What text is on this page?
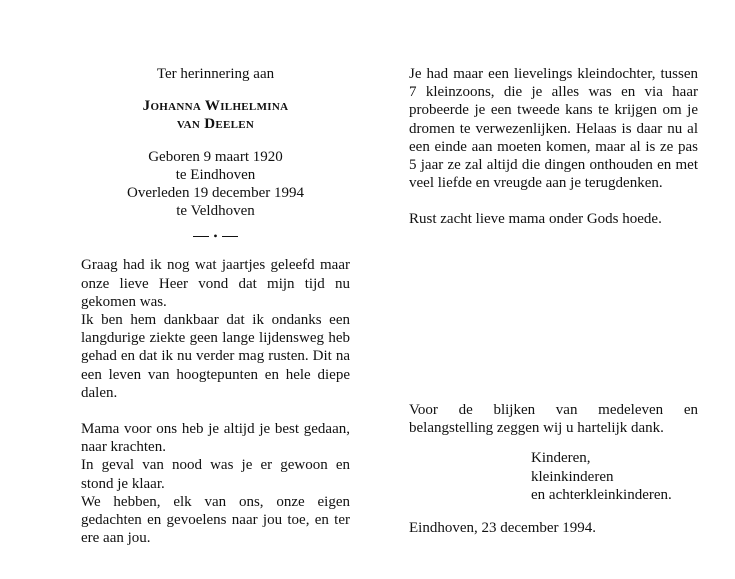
Ter herinnering aan

Johanna Wilhelmina

van Deelen

Geboren 9 maart 1920

te Eindhoven

Overleden 19 december 1994

te Veldhoven

•

Graag had ik nog wat jaartjes geleefd maar onze lieve Heer vond dat mijn tijd nu gekomen was.

Ik ben hem dankbaar dat ik ondanks een langdurige ziekte geen lange lijdensweg heb gehad en dat ik nu verder mag rusten. Dit na een leven van hoogtepunten en hele diepe dalen.

Mama voor ons heb je altijd je best gedaan, naar krachten.

In geval van nood was je er gewoon en stond je klaar.

We hebben, elk van ons, onze eigen gedachten en gevoelens naar jou toe, en ter ere aan jou.

Je had maar een lievelings kleindochter, tussen 7 kleinzoons, die je alles was en via haar probeerde je een tweede kans te krijgen om je dromen te verwezenlijken. Helaas is daar nu al een einde aan moeten komen, maar al is ze pas 5 jaar ze zal altijd die dingen onthouden en met veel liefde en vreugde aan je terugdenken.

Rust zacht lieve mama onder Gods hoede.

Voor de blijken van medeleven en belangstelling zeggen wij u hartelijk dank.

Kinderen,

kleinkinderen

en achterkleinkinderen.

Eindhoven, 23 december 1994.
